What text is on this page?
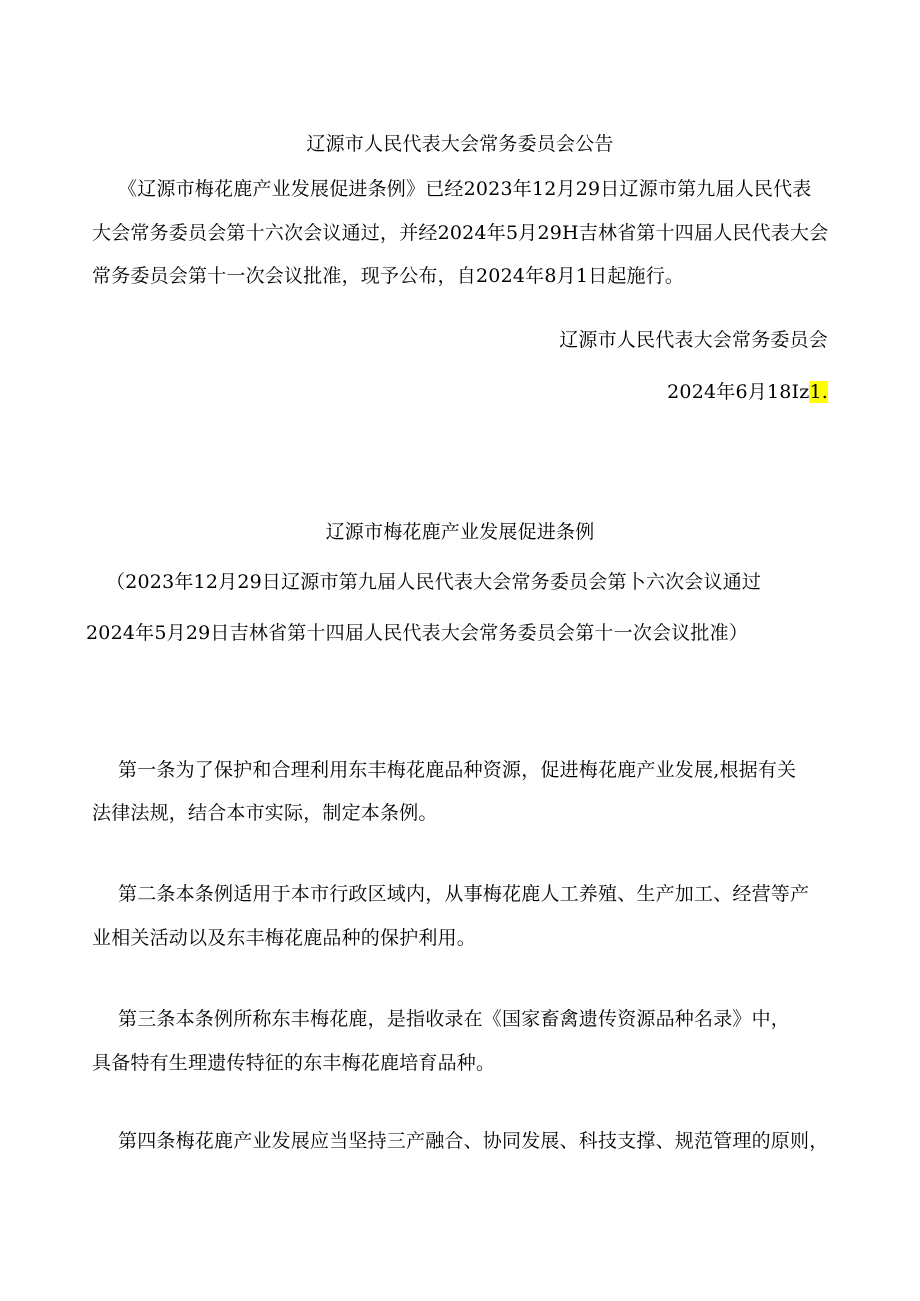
辽源市人民代表大会常务委员会公告
《辽源市梅花鹿产业发展促进条例》已经2023年12月29日辽源市第九届人民代表
大会常务委员会第十六次会议通过，并经2024年5月29H吉林省第十四届人民代表大会
常务委员会第十一次会议批准，现予公布，自2024年8月1日起施行。
辽源市人民代表大会常务委员会
2024年6月18Iz1.
辽源市梅花鹿产业发展促进条例
（2023年12月29日辽源市第九届人民代表大会常务委员会第卜六次会议通过
2024年5月29日吉林省第十四届人民代表大会常务委员会第十一次会议批准）
第一条为了保护和合理利用东丰梅花鹿品种资源，促进梅花鹿产业发展,根据有关
法律法规，结合本市实际，制定本条例。
第二条本条例适用于本市行政区域内，从事梅花鹿人工养殖、生产加工、经营等产
业相关活动以及东丰梅花鹿品种的保护利用。
第三条本条例所称东丰梅花鹿，是指收录在《国家畜禽遗传资源品种名录》中，
具备特有生理遗传特征的东丰梅花鹿培育品种。
第四条梅花鹿产业发展应当坚持三产融合、协同发展、科技支撑、规范管理的原则，
